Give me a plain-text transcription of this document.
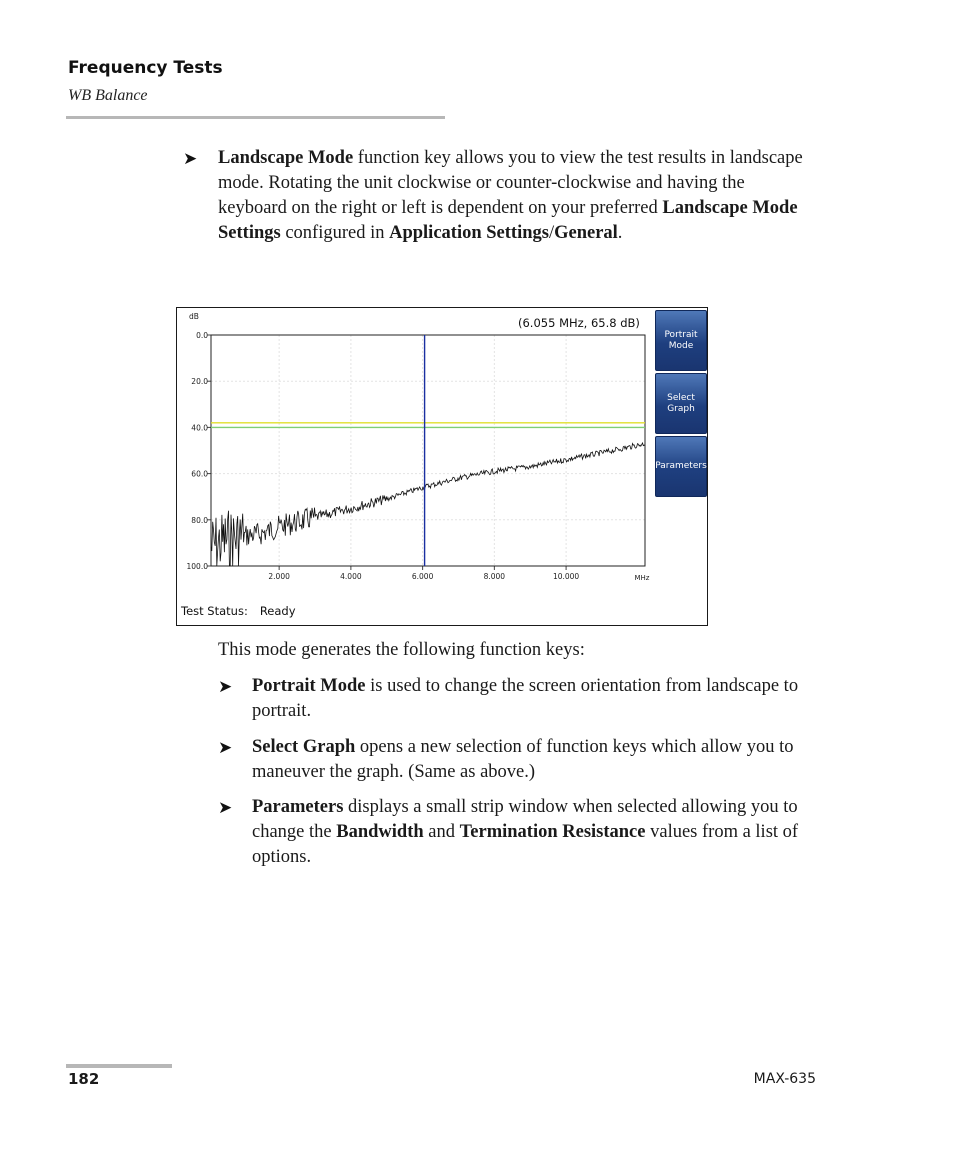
Frequency Tests
WB Balance
➤ Landscape Mode function key allows you to view the test results in landscape mode. Rotating the unit clockwise or counter-clockwise and having the keyboard on the right or left is dependent on your preferred Landscape Mode Settings configured in Application Settings/General.
0.0
20.0
40.0
60.0
80.0
100.0
2.000	4.000	6.000	8.000	10.000	MHz
dB	(6.055 MHz, 65.8 dB)
Portrait Mode
Select Graph
Parameters
Test Status: Ready
This mode generates the following function keys:
➤ Portrait Mode is used to change the screen orientation from landscape to portrait.
➤ Select Graph opens a new selection of function keys which allow you to maneuver the graph. (Same as above.)
➤ Parameters displays a small strip window when selected allowing you to change the Bandwidth and Termination Resistance values from a list of options.
182	MAX-635
